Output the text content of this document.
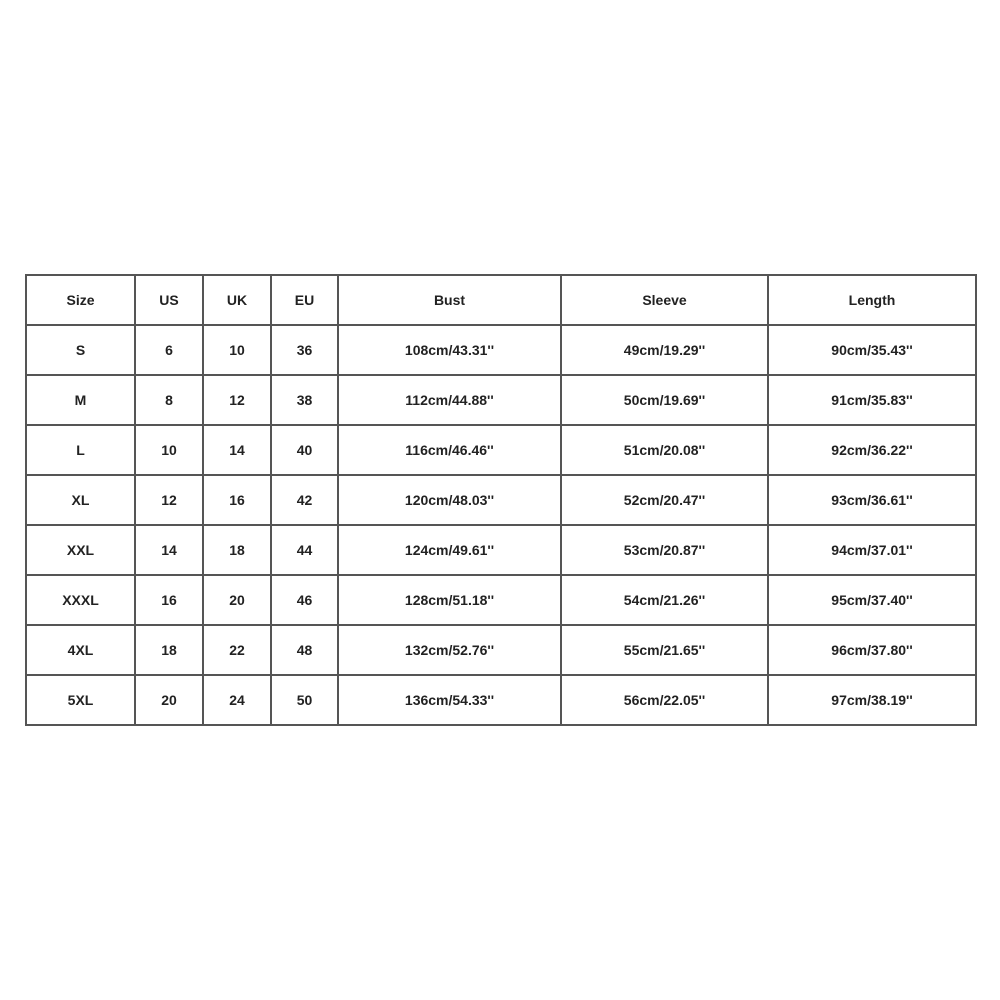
Size	US	UK	EU	Bust	Sleeve	Length
S	6	10	36	108cm/43.31''	49cm/19.29''	90cm/35.43''
M	8	12	38	112cm/44.88''	50cm/19.69''	91cm/35.83''
L	10	14	40	116cm/46.46''	51cm/20.08''	92cm/36.22''
XL	12	16	42	120cm/48.03''	52cm/20.47''	93cm/36.61''
XXL	14	18	44	124cm/49.61''	53cm/20.87''	94cm/37.01''
XXXL	16	20	46	128cm/51.18''	54cm/21.26''	95cm/37.40''
4XL	18	22	48	132cm/52.76''	55cm/21.65''	96cm/37.80''
5XL	20	24	50	136cm/54.33''	56cm/22.05''	97cm/38.19''
